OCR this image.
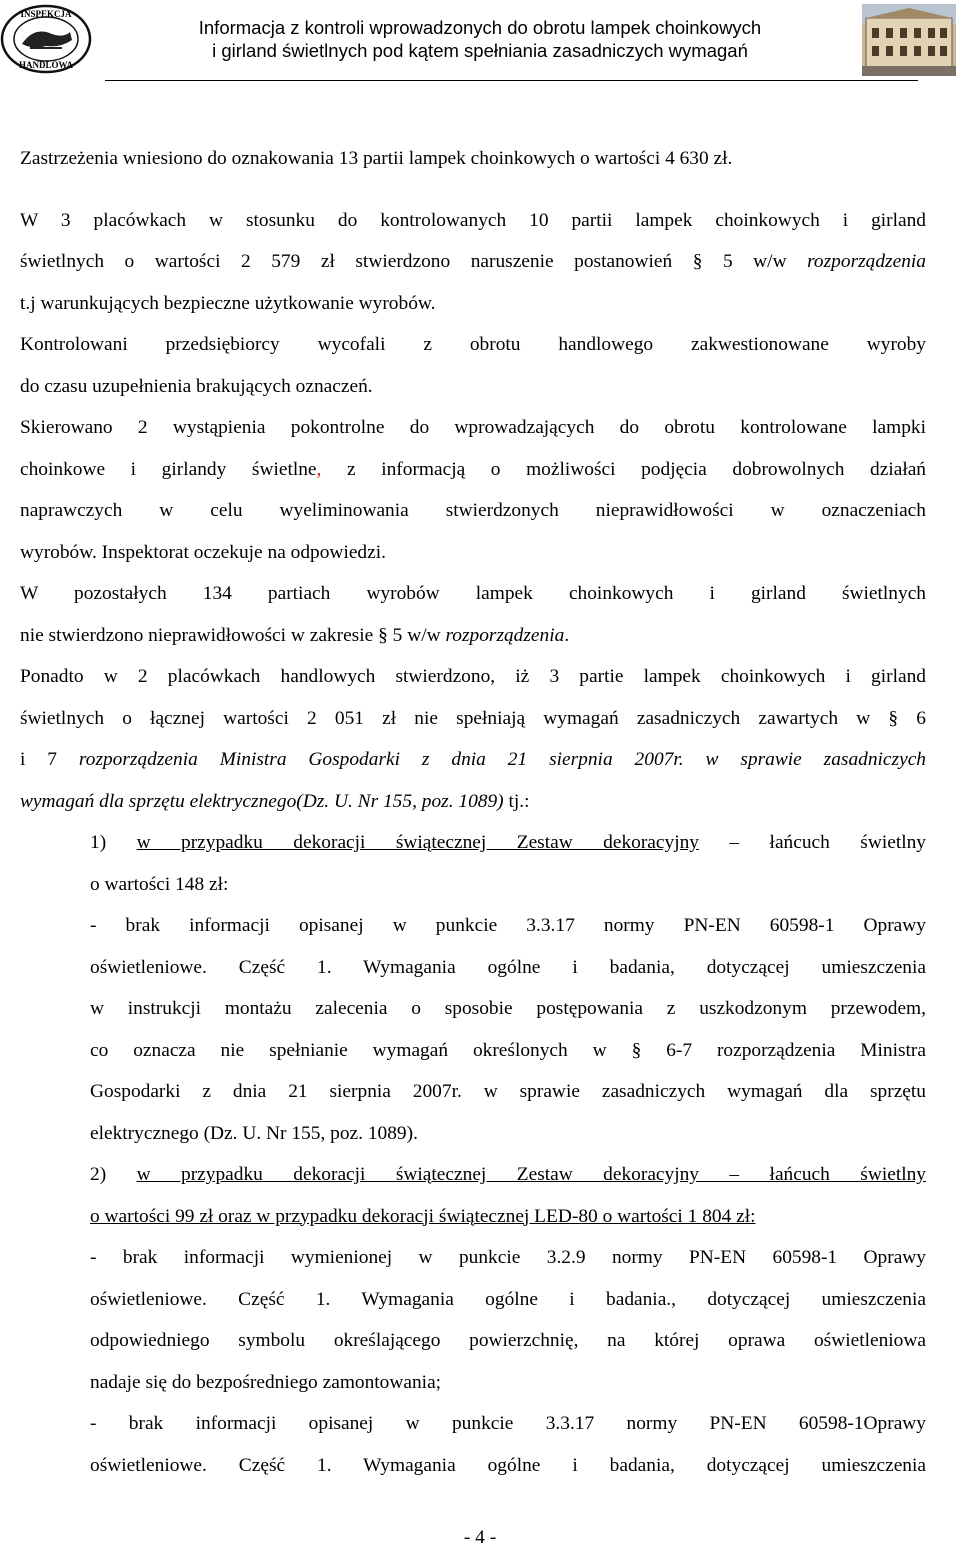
INSPEKCJA
HANDLOWA
Informacja z kontroli wprowadzonych do obrotu lampek choinkowych
i girland świetlnych pod kątem spełniania zasadniczych wymagań

Zastrzeżenia wniesiono do oznakowania 13 partii lampek choinkowych o wartości 4 630 zł.

W 3 placówkach w stosunku do kontrolowanych 10 partii lampek choinkowych i girland

świetlnych o wartości 2 579 zł stwierdzono naruszenie postanowień § 5 w/w rozporządzenia

t.j warunkujących bezpieczne użytkowanie wyrobów.

Kontrolowani przedsiębiorcy wycofali z obrotu handlowego zakwestionowane wyroby

do czasu uzupełnienia brakujących oznaczeń.

Skierowano 2 wystąpienia pokontrolne do wprowadzających do obrotu kontrolowane lampki

choinkowe i girlandy świetlne, z informacją o możliwości podjęcia dobrowolnych działań

naprawczych w celu wyeliminowania stwierdzonych nieprawidłowości w oznaczeniach

wyrobów. Inspektorat oczekuje na odpowiedzi.

W pozostałych 134 partiach wyrobów lampek choinkowych i girland świetlnych

nie stwierdzono nieprawidłowości w zakresie § 5 w/w rozporządzenia.

Ponadto w 2 placówkach handlowych stwierdzono, iż 3 partie lampek choinkowych i girland

świetlnych o łącznej wartości 2 051 zł nie spełniają wymagań zasadniczych zawartych w § 6

i 7 rozporządzenia Ministra Gospodarki z dnia 21 sierpnia 2007r. w sprawie zasadniczych

wymagań dla sprzętu elektrycznego(Dz. U. Nr 155, poz. 1089) tj.:

1) w przypadku dekoracji świątecznej Zestaw dekoracyjny – łańcuch świetlny

o wartości 148 zł:

- brak informacji opisanej w punkcie 3.3.17 normy PN-EN 60598-1 Oprawy

oświetleniowe. Część 1. Wymagania ogólne i badania, dotyczącej umieszczenia

w instrukcji montażu zalecenia o sposobie postępowania z uszkodzonym przewodem,

co oznacza nie spełnianie wymagań określonych w § 6-7 rozporządzenia Ministra

Gospodarki z dnia 21 sierpnia 2007r. w sprawie zasadniczych wymagań dla sprzętu

elektrycznego (Dz. U. Nr 155, poz. 1089).

2) w przypadku dekoracji świątecznej Zestaw dekoracyjny – łańcuch świetlny

o wartości 99 zł oraz w przypadku dekoracji świątecznej LED-80 o wartości 1 804 zł:

- brak informacji wymienionej w punkcie 3.2.9 normy PN-EN 60598-1 Oprawy

oświetleniowe. Część 1. Wymagania ogólne i badania., dotyczącej umieszczenia

odpowiedniego symbolu określającego powierzchnię, na której oprawa oświetleniowa

nadaje się do bezpośredniego zamontowania;

- brak informacji opisanej w punkcie 3.3.17 normy PN-EN 60598-1Oprawy

oświetleniowe. Część 1. Wymagania ogólne i badania, dotyczącej umieszczenia

- 4 -
